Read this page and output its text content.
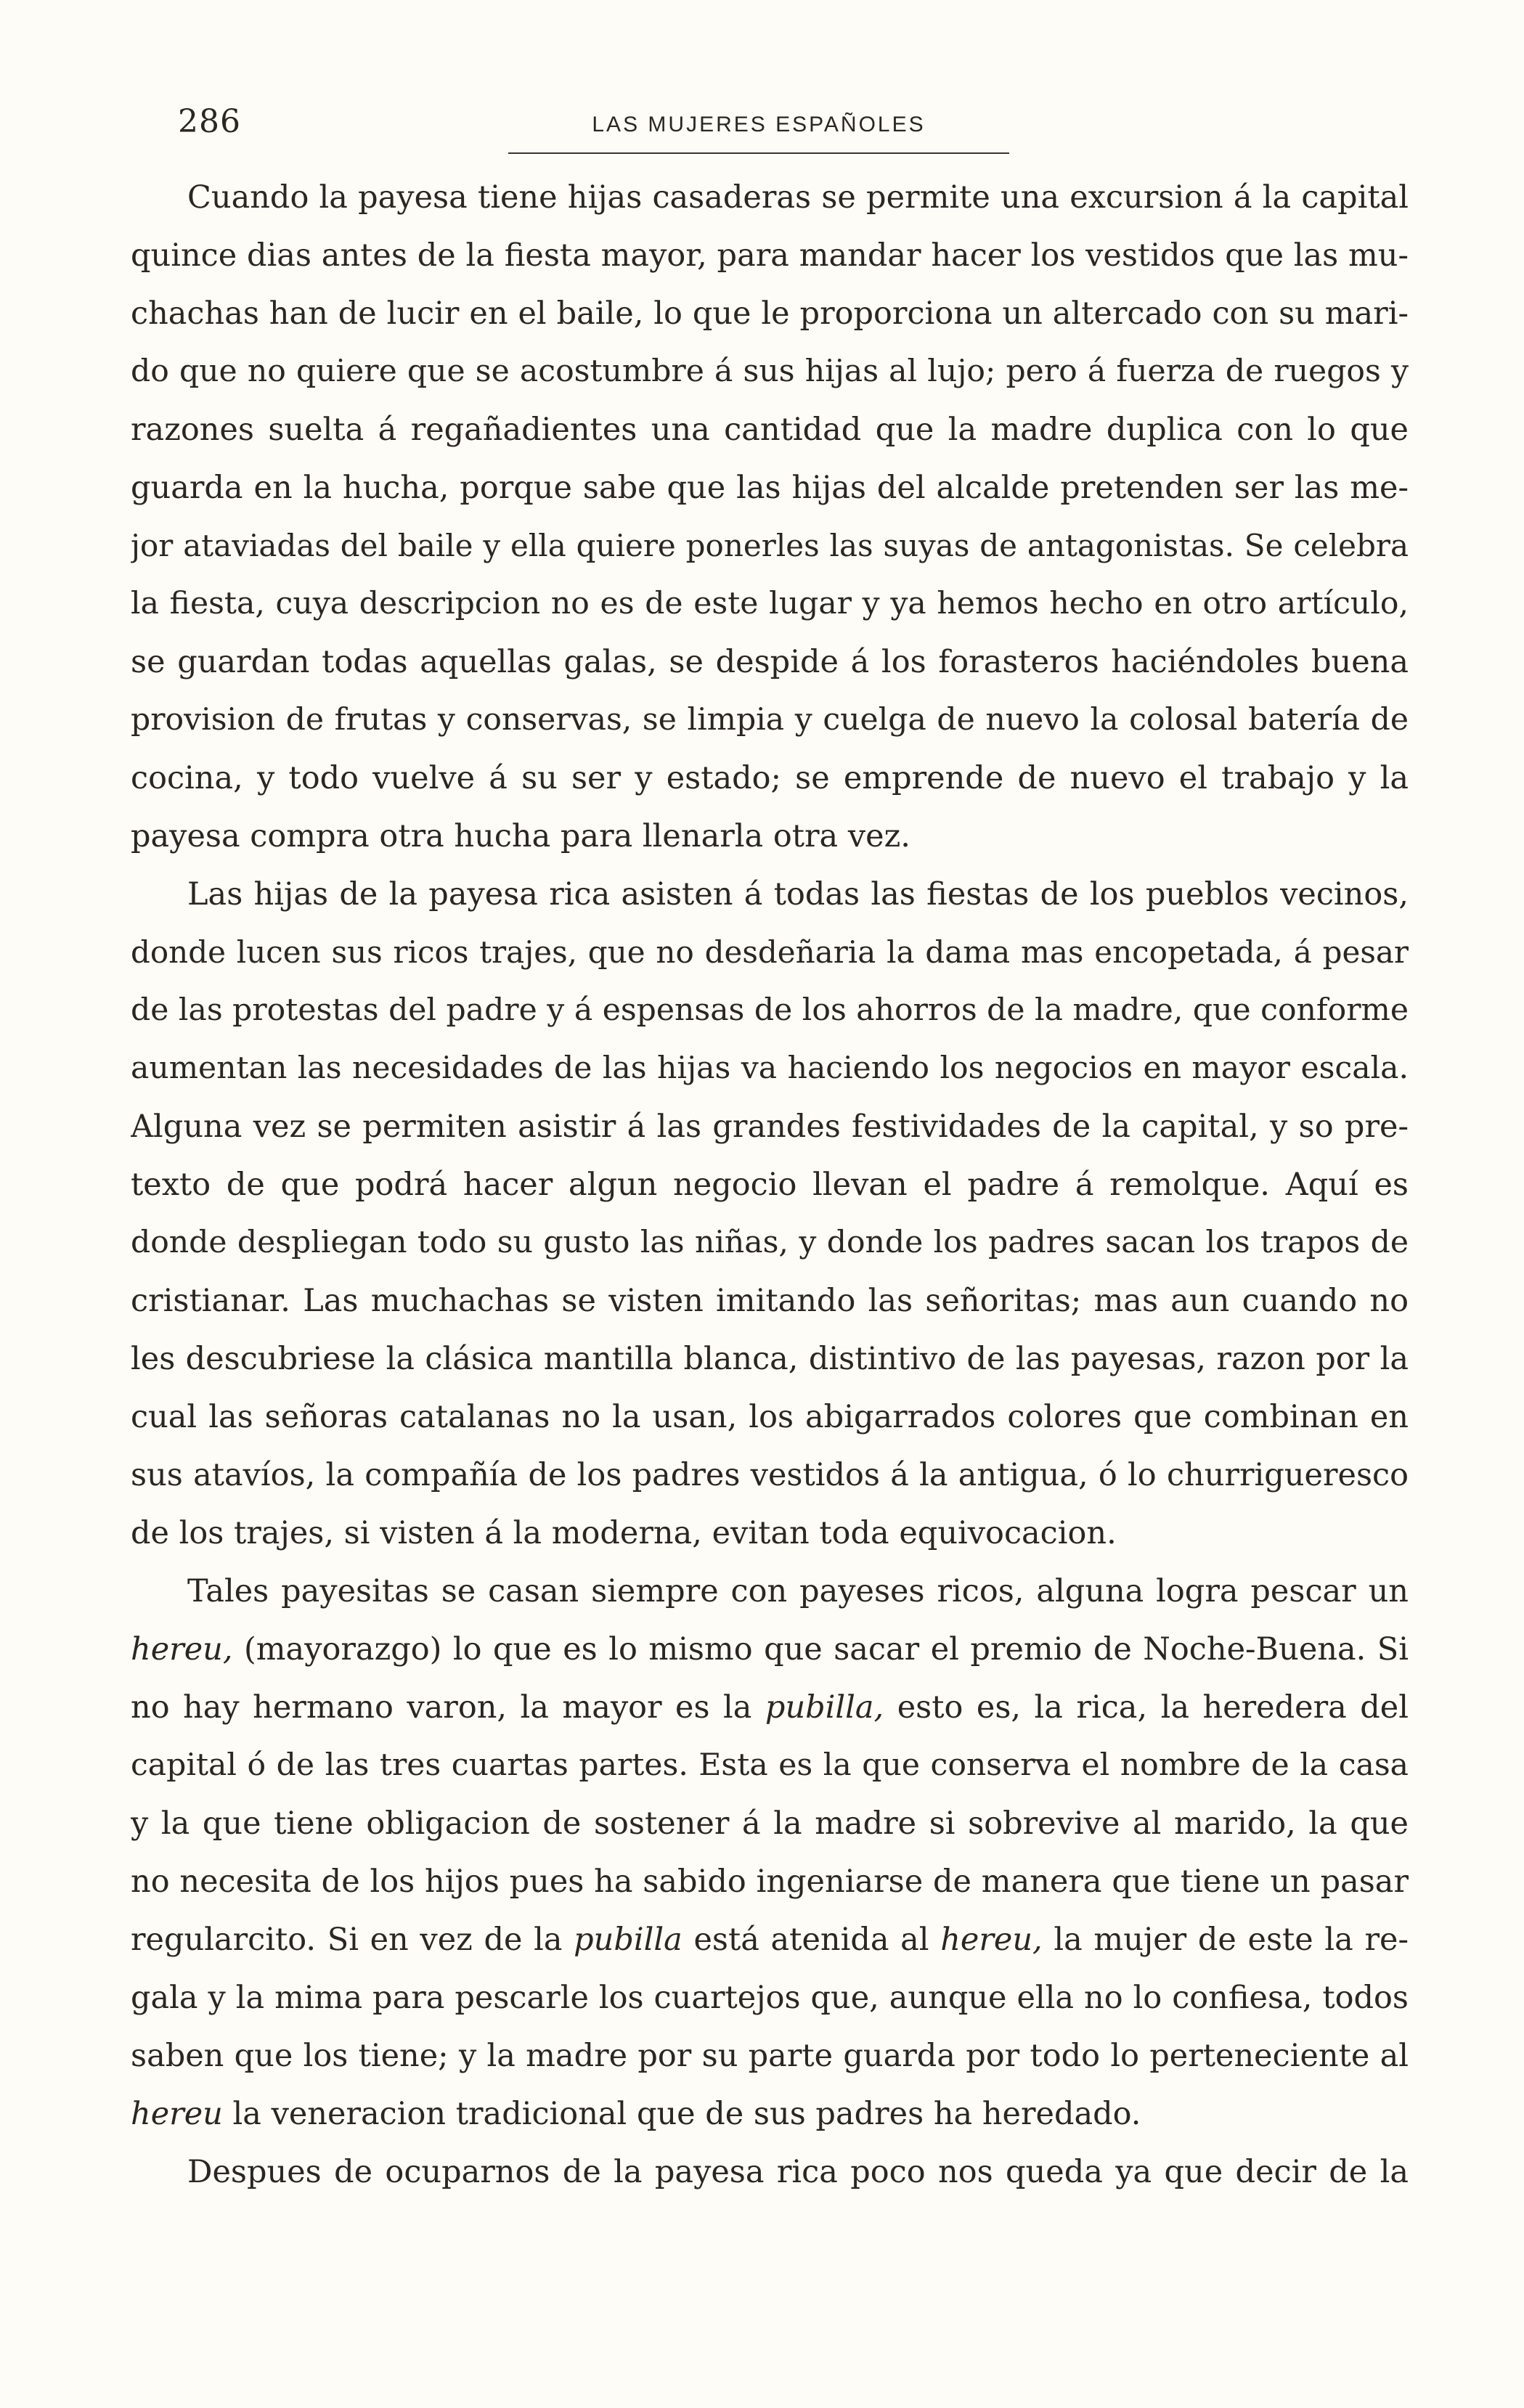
286	LAS MUJERES ESPAÑOLES
Cuando la payesa tiene hijas casaderas se permite una excursion á la capital
quince dias antes de la fiesta mayor, para mandar hacer los vestidos que las mu-
chachas han de lucir en el baile, lo que le proporciona un altercado con su mari-
do que no quiere que se acostumbre á sus hijas al lujo; pero á fuerza de ruegos y
razones suelta á regañadientes una cantidad que la madre duplica con lo que
guarda en la hucha, porque sabe que las hijas del alcalde pretenden ser las me-
jor ataviadas del baile y ella quiere ponerles las suyas de antagonistas. Se celebra
la fiesta, cuya descripcion no es de este lugar y ya hemos hecho en otro artículo,
se guardan todas aquellas galas, se despide á los forasteros haciéndoles buena
provision de frutas y conservas, se limpia y cuelga de nuevo la colosal batería de
cocina, y todo vuelve á su ser y estado; se emprende de nuevo el trabajo y la
payesa compra otra hucha para llenarla otra vez.
Las hijas de la payesa rica asisten á todas las fiestas de los pueblos vecinos,
donde lucen sus ricos trajes, que no desdeñaria la dama mas encopetada, á pesar
de las protestas del padre y á espensas de los ahorros de la madre, que conforme
aumentan las necesidades de las hijas va haciendo los negocios en mayor escala.
Alguna vez se permiten asistir á las grandes festividades de la capital, y so pre-
texto de que podrá hacer algun negocio llevan el padre á remolque. Aquí es
donde despliegan todo su gusto las niñas, y donde los padres sacan los trapos de
cristianar. Las muchachas se visten imitando las señoritas; mas aun cuando no
les descubriese la clásica mantilla blanca, distintivo de las payesas, razon por la
cual las señoras catalanas no la usan, los abigarrados colores que combinan en
sus atavíos, la compañía de los padres vestidos á la antigua, ó lo churrigueresco
de los trajes, si visten á la moderna, evitan toda equivocacion.
Tales payesitas se casan siempre con payeses ricos, alguna logra pescar un
hereu, (mayorazgo) lo que es lo mismo que sacar el premio de Noche-Buena. Si
no hay hermano varon, la mayor es la pubilla, esto es, la rica, la heredera del
capital ó de las tres cuartas partes. Esta es la que conserva el nombre de la casa
y la que tiene obligacion de sostener á la madre si sobrevive al marido, la que
no necesita de los hijos pues ha sabido ingeniarse de manera que tiene un pasar
regularcito. Si en vez de la pubilla está atenida al hereu, la mujer de este la re-
gala y la mima para pescarle los cuartejos que, aunque ella no lo confiesa, todos
saben que los tiene; y la madre por su parte guarda por todo lo perteneciente al
hereu la veneracion tradicional que de sus padres ha heredado.
Despues de ocuparnos de la payesa rica poco nos queda ya que decir de la
